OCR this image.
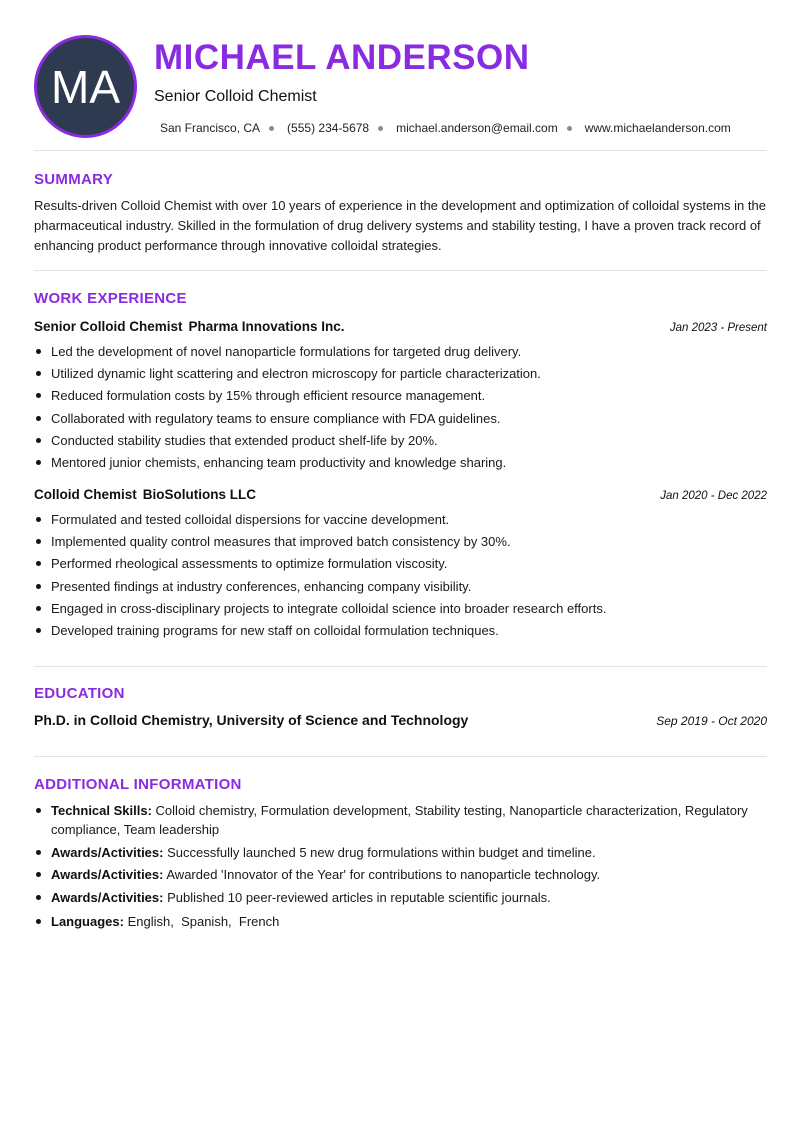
MA
MICHAEL ANDERSON
Senior Colloid Chemist
San Francisco, CA (555) 234-5678 michael.anderson@email.com www.michaelanderson.com
SUMMARY

Results-driven Colloid Chemist with over 10 years of experience in the development and optimization of colloidal systems in the pharmaceutical industry. Skilled in the formulation of drug delivery systems and stability testing, I have a proven track record of enhancing product performance through innovative colloidal strategies.

WORK EXPERIENCE
Senior Colloid Chemist Pharma Innovations Inc.	Jan 2023 - Present
Led the development of novel nanoparticle formulations for targeted drug delivery.
Utilized dynamic light scattering and electron microscopy for particle characterization.
Reduced formulation costs by 15% through efficient resource management.
Collaborated with regulatory teams to ensure compliance with FDA guidelines.
Conducted stability studies that extended product shelf-life by 20%.
Mentored junior chemists, enhancing team productivity and knowledge sharing.
Colloid Chemist BioSolutions LLC	Jan 2020 - Dec 2022
Formulated and tested colloidal dispersions for vaccine development.
Implemented quality control measures that improved batch consistency by 30%.
Performed rheological assessments to optimize formulation viscosity.
Presented findings at industry conferences, enhancing company visibility.
Engaged in cross-disciplinary projects to integrate colloidal science into broader research efforts.
Developed training programs for new staff on colloidal formulation techniques.
EDUCATION
Ph.D. in Colloid Chemistry, University of Science and Technology	Sep 2019 - Oct 2020
ADDITIONAL INFORMATION
Technical Skills: Colloid chemistry, Formulation development, Stability testing, Nanoparticle characterization, Regulatory compliance, Team leadership
Awards/Activities: Successfully launched 5 new drug formulations within budget and timeline.
Awards/Activities: Awarded 'Innovator of the Year' for contributions to nanoparticle technology.
Awards/Activities: Published 10 peer-reviewed articles in reputable scientific journals.
Languages: English,  Spanish,  French
